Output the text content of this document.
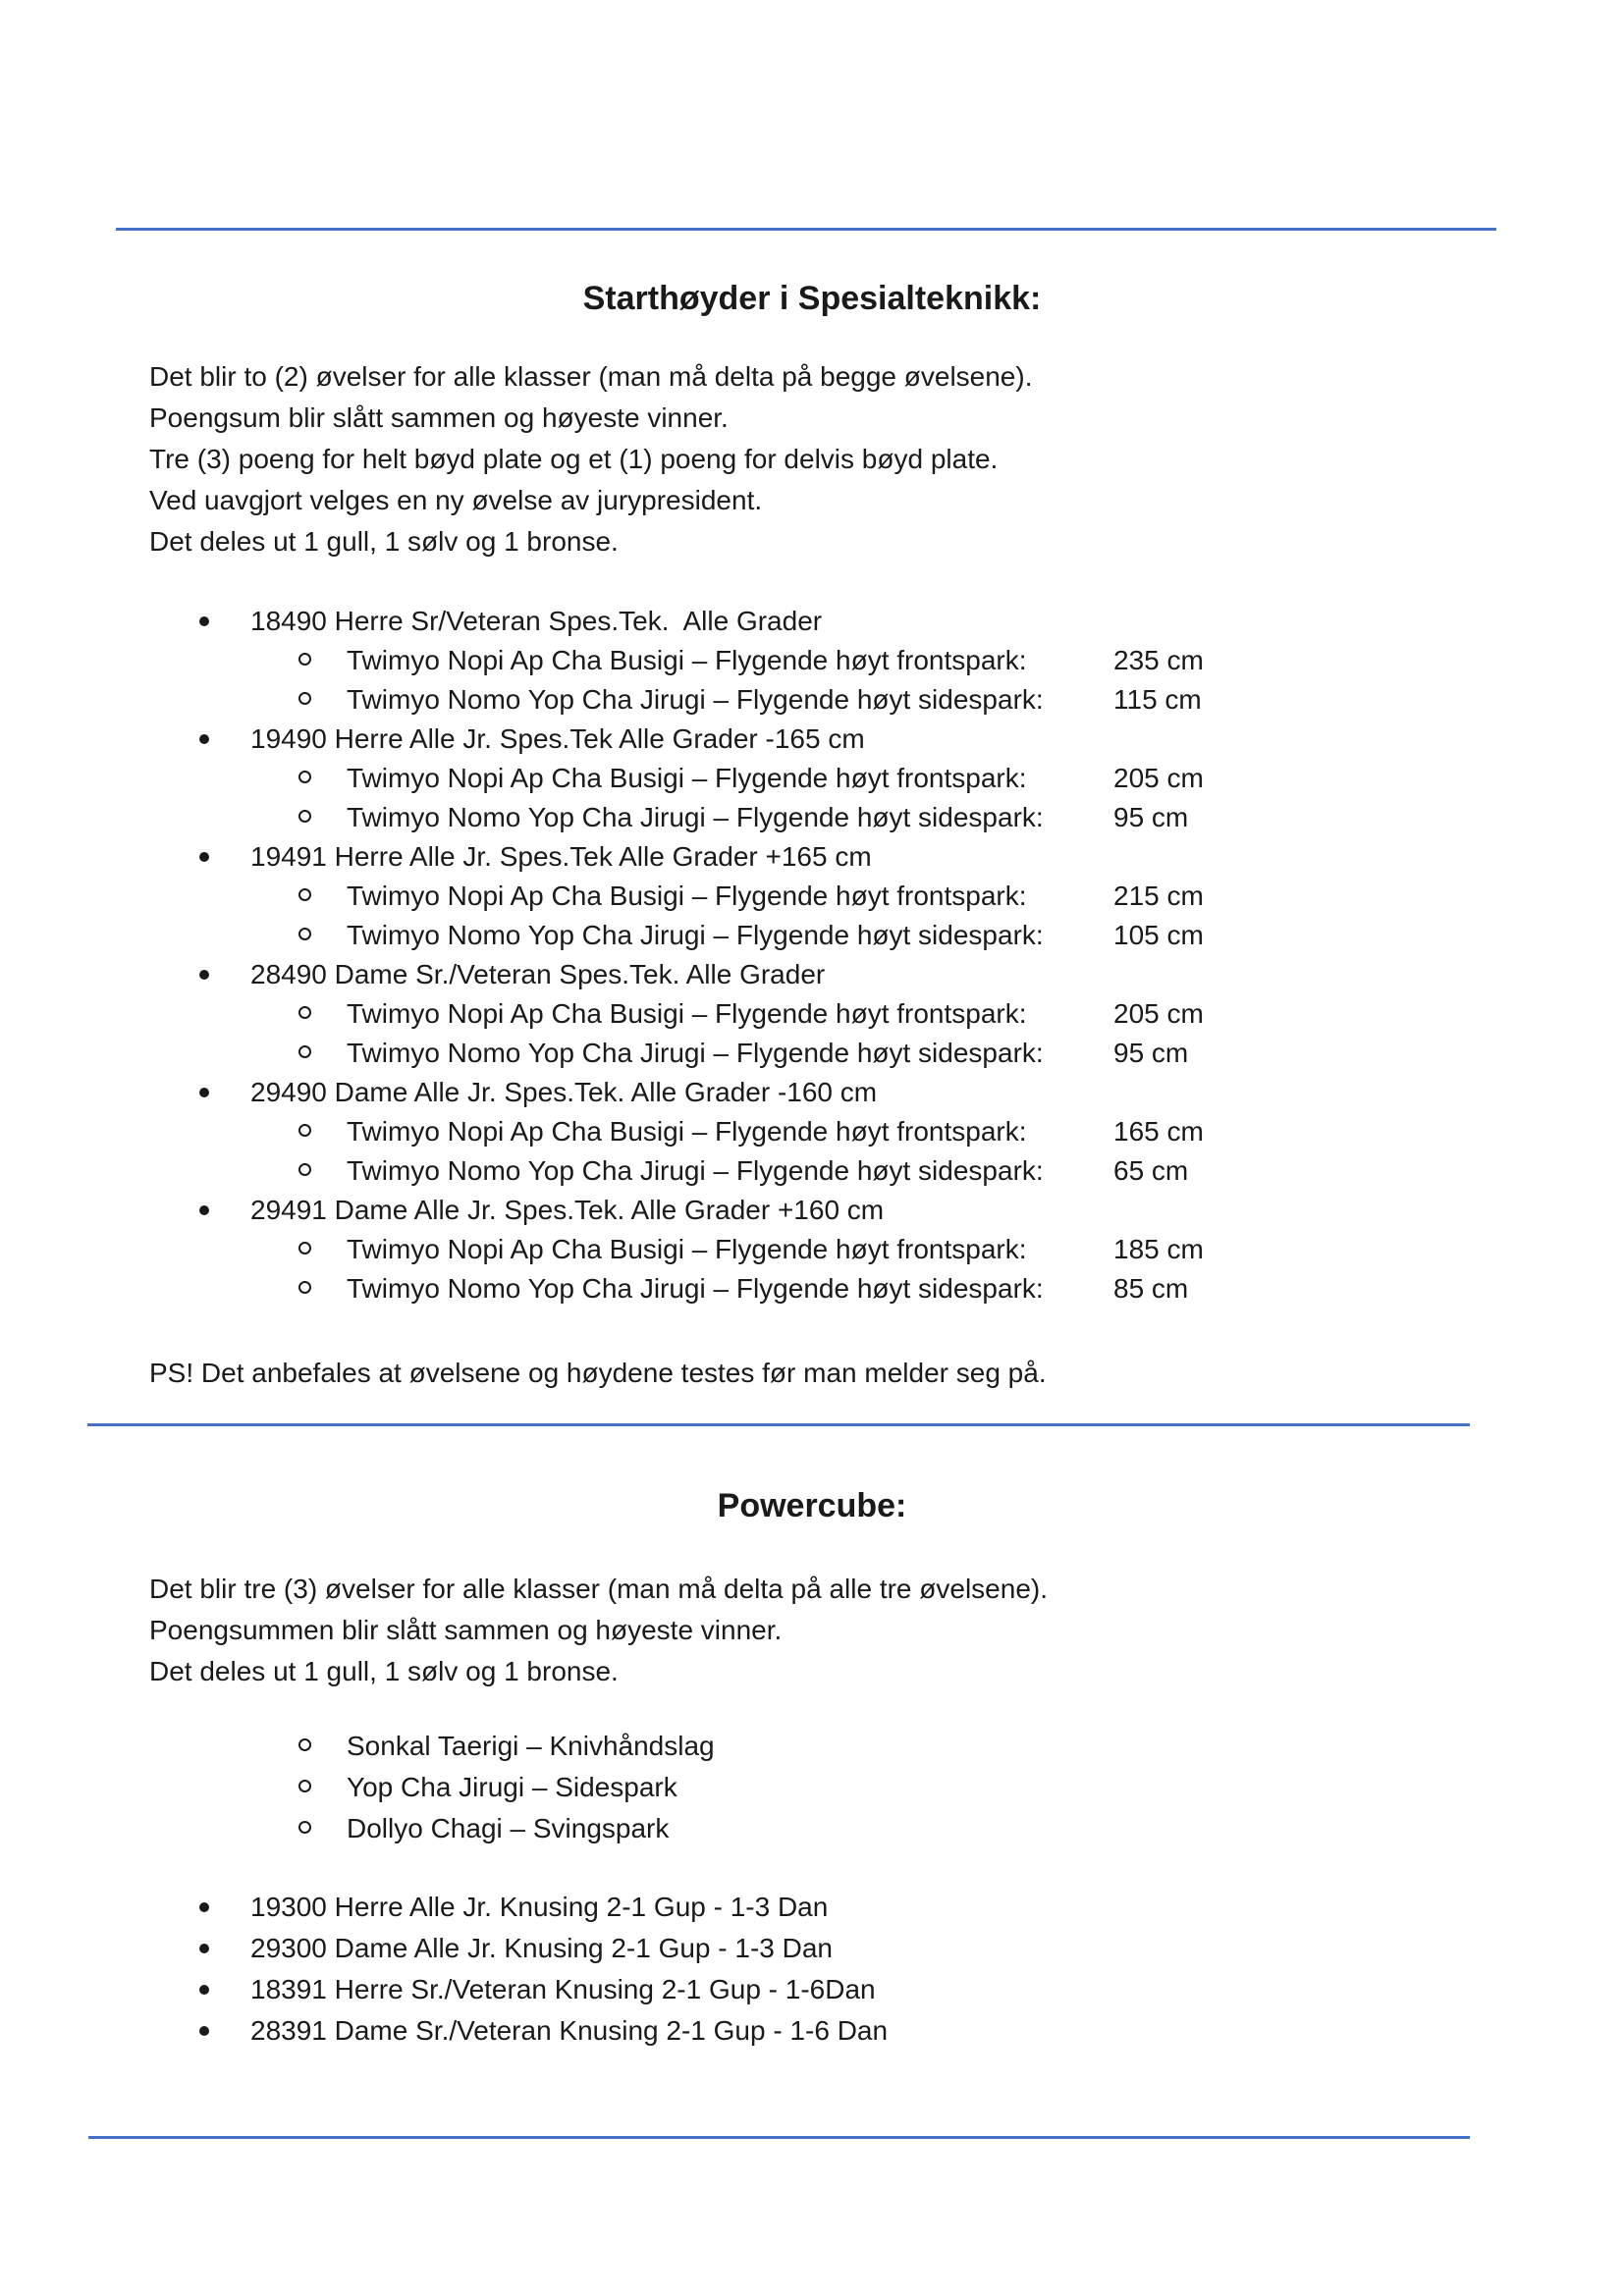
Starthøyder i Spesialteknikk:
Det blir to (2) øvelser for alle klasser (man må delta på begge øvelsene).
Poengsum blir slått sammen og høyeste vinner.
Tre (3) poeng for helt bøyd plate og et (1) poeng for delvis bøyd plate.
Ved uavgjort velges en ny øvelse av jurypresident.
Det deles ut 1 gull, 1 sølv og 1 bronse.
18490 Herre Sr/Veteran Spes.Tek.  Alle Grader
Twimyo Nopi Ap Cha Busigi – Flygende høyt frontspark:	235 cm
Twimyo Nomo Yop Cha Jirugi – Flygende høyt sidespark:	115 cm
19490 Herre Alle Jr. Spes.Tek Alle Grader -165 cm
Twimyo Nopi Ap Cha Busigi – Flygende høyt frontspark:	205 cm
Twimyo Nomo Yop Cha Jirugi – Flygende høyt sidespark:	95 cm
19491 Herre Alle Jr. Spes.Tek Alle Grader +165 cm
Twimyo Nopi Ap Cha Busigi – Flygende høyt frontspark:	215 cm
Twimyo Nomo Yop Cha Jirugi – Flygende høyt sidespark:	105 cm
28490 Dame Sr./Veteran Spes.Tek. Alle Grader
Twimyo Nopi Ap Cha Busigi – Flygende høyt frontspark:	205 cm
Twimyo Nomo Yop Cha Jirugi – Flygende høyt sidespark:	95 cm
29490 Dame Alle Jr. Spes.Tek. Alle Grader -160 cm
Twimyo Nopi Ap Cha Busigi – Flygende høyt frontspark:	165 cm
Twimyo Nomo Yop Cha Jirugi – Flygende høyt sidespark:	65 cm
29491 Dame Alle Jr. Spes.Tek. Alle Grader +160 cm
Twimyo Nopi Ap Cha Busigi – Flygende høyt frontspark:	185 cm
Twimyo Nomo Yop Cha Jirugi – Flygende høyt sidespark:	85 cm
PS! Det anbefales at øvelsene og høydene testes før man melder seg på.
Powercube:
Det blir tre (3) øvelser for alle klasser (man må delta på alle tre øvelsene).
Poengsummen blir slått sammen og høyeste vinner.
Det deles ut 1 gull, 1 sølv og 1 bronse.
Sonkal Taerigi – Knivhåndslag
Yop Cha Jirugi – Sidespark
Dollyo Chagi – Svingspark
19300 Herre Alle Jr. Knusing 2-1 Gup - 1-3 Dan
29300 Dame Alle Jr. Knusing 2-1 Gup - 1-3 Dan
18391 Herre Sr./Veteran Knusing 2-1 Gup - 1-6Dan
28391 Dame Sr./Veteran Knusing 2-1 Gup - 1-6 Dan
